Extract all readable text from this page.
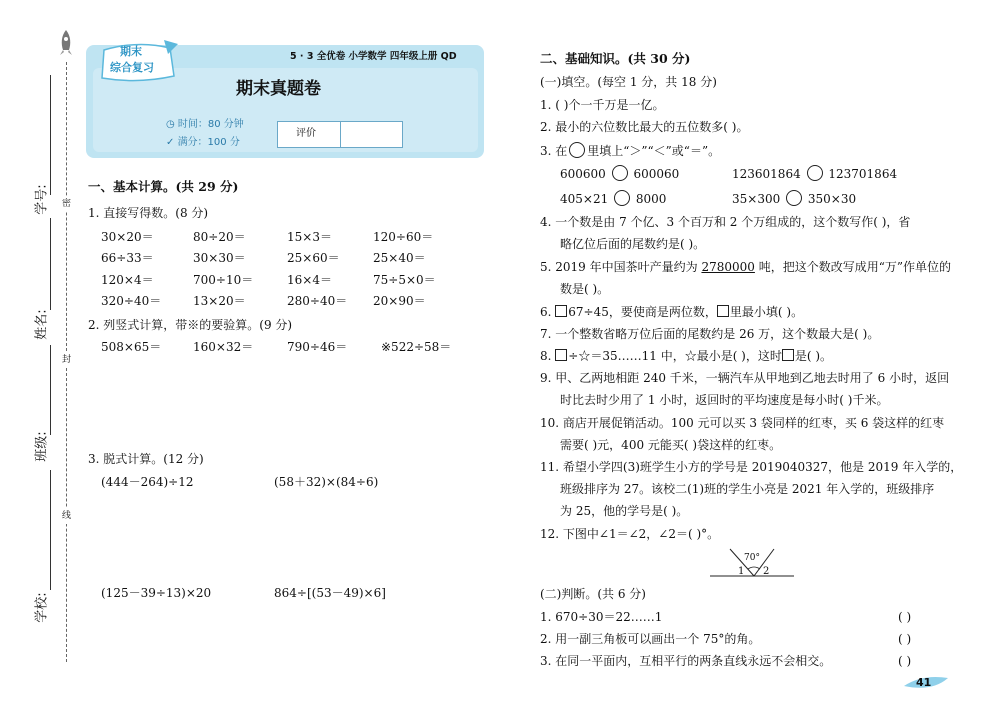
学号:
姓名:
班级:
学校:
密
封
线
期末
综合复习
5 · 3 全优卷 小学数学 四年级上册 QD
期末真题卷
◷ 时间：80 分钟
✓ 满分：100 分
评价
一、基本计算。(共 29 分)
1. 直接写得数。(8 分)
30×20＝	80÷20＝	15×3＝	120÷60＝
66÷33＝	30×30＝	25×60＝	25×40＝
120×4＝	700÷10＝	16×4＝	75÷5×0＝
320÷40＝	13×20＝	280÷40＝ 20×90＝
2. 列竖式计算，带※的要验算。(9 分)
508×65＝	160×32＝	790÷46＝	※522÷58＝
3. 脱式计算。(12 分)
(444－264)÷12	(58＋32)×(84÷6)
(125－39÷13)×20	864÷[(53－49)×6]
二、基础知识。(共 30 分)
(一)填空。(每空 1 分，共 18 分)
1. ( )个一千万是一亿。
2. 最小的六位数比最大的五位数多( )。
3. 在 里填上“＞”“＜”或“＝”。
600600 600060	123601864 123701864
405×21 8000	35×300 350×30
4. 一个数是由 7 个亿、3 个百万和 2 个万组成的，这个数写作( )，省
略亿位后面的尾数约是( )。
5. 2019 年中国茶叶产量约为 2780000 吨，把这个数改写成用“万”作单位的
数是( )。
6. 67÷45，要使商是两位数， 里最小填( )。
7. 一个整数省略万位后面的尾数约是 26 万，这个数最大是( )。
8. ÷☆＝35……11 中，☆最小是( )，这时 是( )。
9. 甲、乙两地相距 240 千米，一辆汽车从甲地到乙地去时用了 6 小时，返回
时比去时少用了 1 小时，返回时的平均速度是每小时( )千米。
10. 商店开展促销活动。100 元可以买 3 袋同样的红枣，买 6 袋这样的红枣
需要( )元，400 元能买( )袋这样的红枣。
11. 希望小学四(3)班学生小方的学号是 2019040327，他是 2019 年入学的，
班级排序为 27。该校二(1)班的学生小亮是 2021 年入学的，班级排序
为 25，他的学号是( )。
12. 下图中∠1＝∠2，∠2＝( )°。
70°
1 2
(二)判断。(共 6 分)
1. 670÷30＝22……1	( )
2. 用一副三角板可以画出一个 75°的角。	( )
3. 在同一平面内，互相平行的两条直线永远不会相交。	( )
41
